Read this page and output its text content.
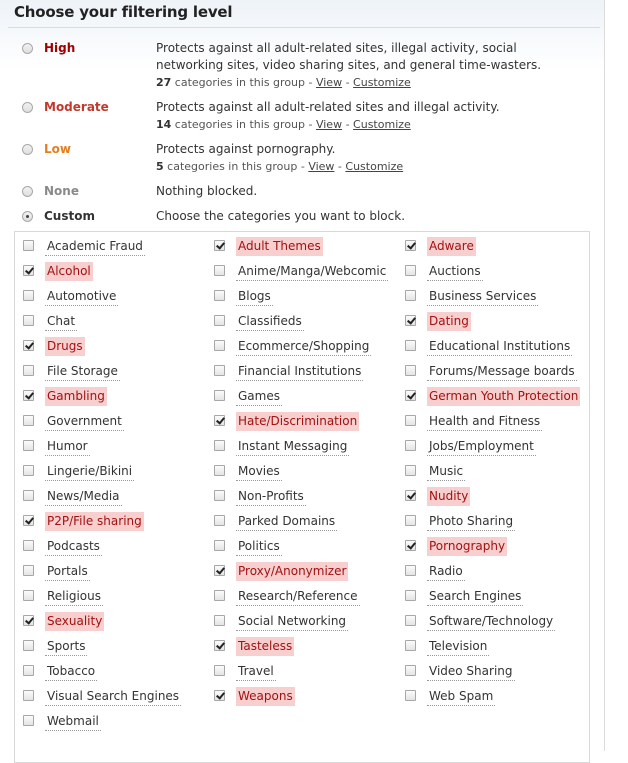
Choose your filtering level
High	Protects against all adult-related sites, illegal activity, social networking sites, video sharing sites, and general time-wasters.
27 categories in this group - View - Customize
Moderate	Protects against all adult-related sites and illegal activity.
14 categories in this group - View - Customize
Low	Protects against pornography.
5 categories in this group - View - Customize
None	Nothing blocked.
Custom	Choose the categories you want to block.
Academic Fraud	Adult Themes	Adware
Alcohol	Anime/Manga/Webcomic	Auctions
Automotive	Blogs	Business Services
Chat	Classifieds	Dating
Drugs	Ecommerce/Shopping	Educational Institutions
File Storage	Financial Institutions	Forums/Message boards
Gambling	Games	German Youth Protection
Government	Hate/Discrimination	Health and Fitness
Humor	Instant Messaging	Jobs/Employment
Lingerie/Bikini	Movies	Music
News/Media	Non-Profits	Nudity
P2P/File sharing	Parked Domains	Photo Sharing
Podcasts	Politics	Pornography
Portals	Proxy/Anonymizer	Radio
Religious	Research/Reference	Search Engines
Sexuality	Social Networking	Software/Technology
Sports	Tasteless	Television
Tobacco	Travel	Video Sharing
Visual Search Engines	Weapons	Web Spam
Webmail
